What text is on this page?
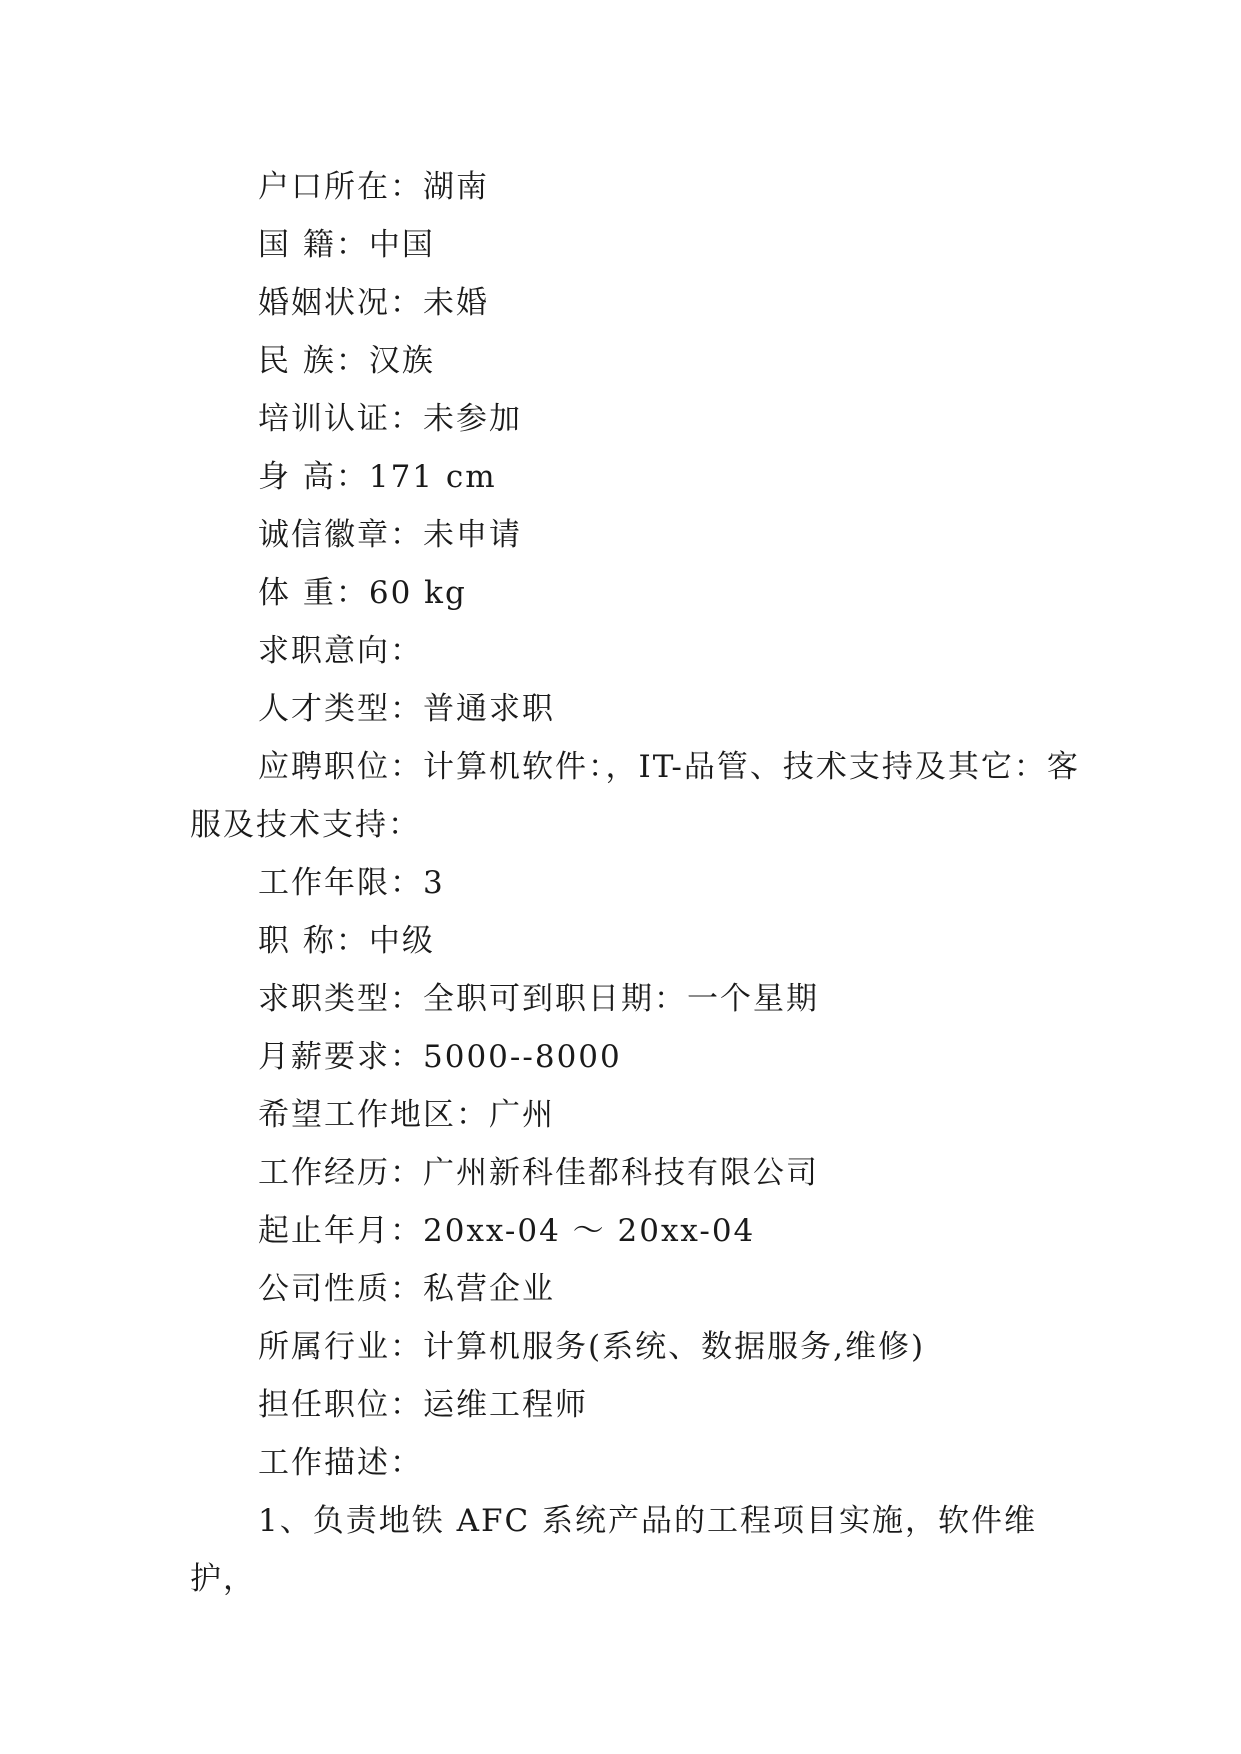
户口所在：湖南

国 籍：中国

婚姻状况：未婚

民 族：汉族

培训认证：未参加

身 高：171 cm

诚信徽章：未申请

体 重：60 kg

求职意向：

人才类型：普通求职

应聘职位：计算机软件：，IT-品管、技术支持及其它：客服及技术支持：

工作年限：3

职 称：中级

求职类型：全职可到职日期：一个星期

月薪要求：5000--8000

希望工作地区：广州

工作经历：广州新科佳都科技有限公司

起止年月：20xx-04 ～ 20xx-04

公司性质：私营企业

所属行业：计算机服务(系统、数据服务,维修)

担任职位：运维工程师

工作描述：

1、负责地铁 AFC 系统产品的工程项目实施，软件维护，
